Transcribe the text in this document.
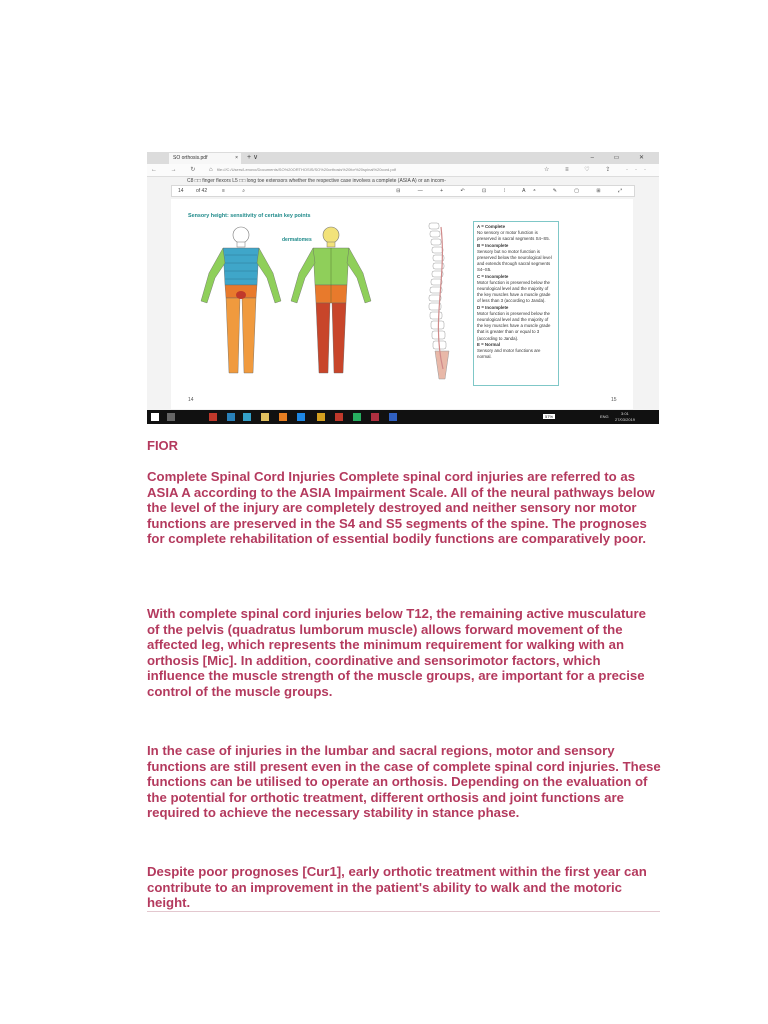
SO orthosis.pdf	× + ∨	– ▭ ✕
← → ↻ ⌂
file:///C:/Users/Lenovo/Documents/SO%20ORTHOSIS/SO%20orthosis%20for%20spinal%20cord.pdf	☆ ≡ ♡ ⇪ ···
C8 □□ finger flexors L5 □□ long toe extensors whether the respective case involves a complete (ASIA A) or an incom-
14 of 42	≡ ⌕	⊟ — + ↶ ⊡ ⁞ Aᵃ ✎ ▢ ⊞ ⤢
Sensory height: sensitivity of certain key points
dermatomes
A = Complete
No sensory or motor function is preserved in sacral segments S4–S5.
B = Incomplete
Sensory but no motor function is preserved below the neurological level and extends through sacral segments S4–S5.
C = Incomplete
Motor function is preserved below the neurological level and the majority of the key muscles have a muscle grade of less than 3 (according to Janda).
D = Incomplete
Motor function is preserved below the neurological level and the majority of the key muscles have a muscle grade that is greater than or equal to 3 (according to Janda).
E = Normal
Sensory and motor functions are normal.
14	15
57%	ENG
3:01
27/03/2019
FIOR

Complete Spinal Cord Injuries Complete spinal cord injuries are referred to as ASIA A according to the ASIA Impairment Scale. All of the neural pathways below the level of the injury are completely destroyed and neither sensory nor motor functions are preserved in the S4 and S5 segments of the spine. The prognoses for complete rehabilitation of essential bodily functions are comparatively poor.

With complete spinal cord injuries below T12, the remaining active musculature of the pelvis (quadratus lumborum muscle) allows forward movement of the affected leg, which represents the minimum requirement for walking with an orthosis [Mic]. In addition, coordinative and sensorimotor factors, which influence the muscle strength of the muscle groups, are important for a precise control of the muscle groups.

In the case of injuries in the lumbar and sacral regions, motor and sensory functions are still present even in the case of complete spinal cord injuries. These functions can be utilised to operate an orthosis. Depending on the evaluation of the potential for orthotic treatment, different orthosis and joint functions are required to achieve the necessary stability in stance phase.

Despite poor prognoses [Cur1], early orthotic treatment within the first year can contribute to an improvement in the patient's ability to walk and the motoric height.
